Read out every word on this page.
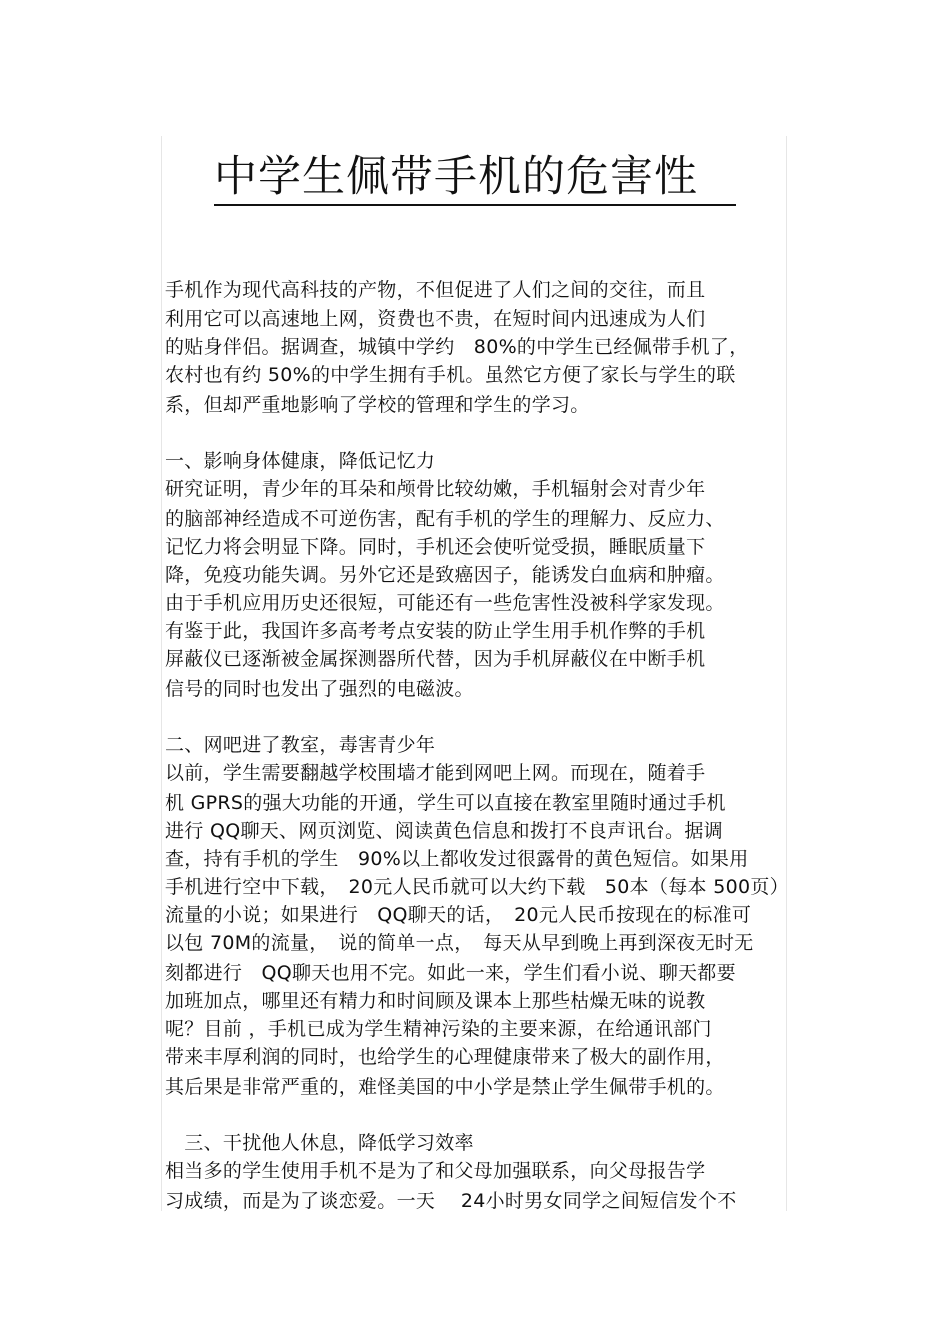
中学生佩带手机的危害性
手机作为现代高科技的产物，不但促进了人们之间的交往，而且
利用它可以高速地上网，资费也不贵，在短时间内迅速成为人们
的贴身伴侣。据调查，城镇中学约　80%的中学生已经佩带手机了，
农村也有约 50%的中学生拥有手机。虽然它方便了家长与学生的联
系，但却严重地影响了学校的管理和学生的学习。
一、影响身体健康，降低记忆力
研究证明，青少年的耳朵和颅骨比较幼嫩，手机辐射会对青少年
的脑部神经造成不可逆伤害，配有手机的学生的理解力、反应力、
记忆力将会明显下降。同时，手机还会使听觉受损，睡眠质量下
降，免疫功能失调。另外它还是致癌因子，能诱发白血病和肿瘤。
由于手机应用历史还很短，可能还有一些危害性没被科学家发现。
有鉴于此，我国许多高考考点安装的防止学生用手机作弊的手机
屏蔽仪已逐渐被金属探测器所代替，因为手机屏蔽仪在中断手机
信号的同时也发出了强烈的电磁波。
二、网吧进了教室，毒害青少年
以前，学生需要翻越学校围墙才能到网吧上网。而现在，随着手
机 GPRS的强大功能的开通，学生可以直接在教室里随时通过手机
进行 QQ聊天、网页浏览、阅读黄色信息和拨打不良声讯台。据调
查，持有手机的学生　90%以上都收发过很露骨的黄色短信。如果用
手机进行空中下载，　20元人民币就可以大约下载　50本（每本 500页）
流量的小说；如果进行　QQ聊天的话，　20元人民币按现在的标准可
以包 70M的流量，　说的简单一点，　每天从早到晚上再到深夜无时无
刻都进行　QQ聊天也用不完。如此一来，学生们看小说、聊天都要
加班加点，哪里还有精力和时间顾及课本上那些枯燥无味的说教
呢？目前 ，手机已成为学生精神污染的主要来源，在给通讯部门
带来丰厚利润的同时，也给学生的心理健康带来了极大的副作用，
其后果是非常严重的，难怪美国的中小学是禁止学生佩带手机的。
　三、干扰他人休息，降低学习效率
相当多的学生使用手机不是为了和父母加强联系，向父母报告学
习成绩，而是为了谈恋爱。一天　 24小时男女同学之间短信发个不
